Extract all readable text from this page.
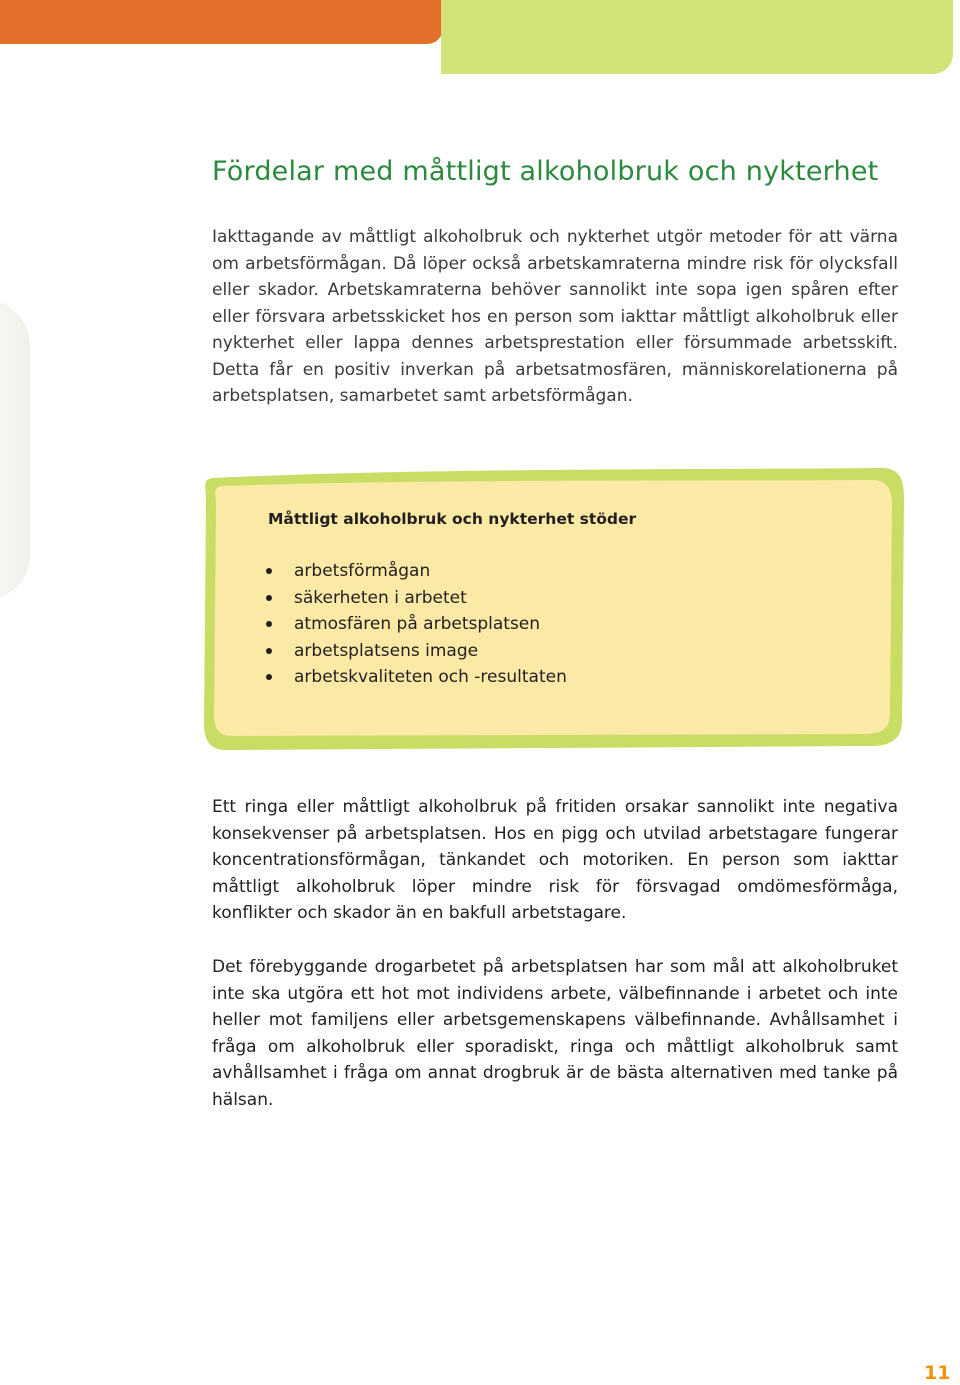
Fördelar med måttligt alkoholbruk och nykterhet

Iakttagande av måttligt alkoholbruk och nykterhet utgör metoder för att värna om arbetsförmågan. Då löper också arbetskamraterna mindre risk för olycksfall eller skador. Arbetskamraterna behöver sannolikt inte sopa igen spåren efter eller försvara arbetsskicket hos en person som iakttar måttligt alkoholbruk eller nykterhet eller lappa dennes arbetsprestation eller försummade arbetsskift. Detta får en positiv inverkan på arbetsatmosfären, människorelationerna på arbetsplatsen, samarbetet samt arbetsförmågan.

Måttligt alkoholbruk och nykterhet stöder
arbetsförmågan
säkerheten i arbetet
atmosfären på arbetsplatsen
arbetsplatsens image
arbetskvaliteten och -resultaten

Ett ringa eller måttligt alkoholbruk på fritiden orsakar sannolikt inte negativa konsekvenser på arbetsplatsen. Hos en pigg och utvilad arbetstagare fungerar koncentrationsförmågan, tänkandet och motoriken. En person som iakttar måttligt alkoholbruk löper mindre risk för försvagad omdömesförmåga, konflikter och skador än en bakfull arbetstagare.

Det förebyggande drogarbetet på arbetsplatsen har som mål att alkoholbruket inte ska utgöra ett hot mot individens arbete, välbefinnande i arbetet och inte heller mot familjens eller arbetsgemenskapens välbefinnande. Avhållsamhet i fråga om alkoholbruk eller sporadiskt, ringa och måttligt alkoholbruk samt avhållsamhet i fråga om annat drogbruk är de bästa alternativen med tanke på hälsan.

11
